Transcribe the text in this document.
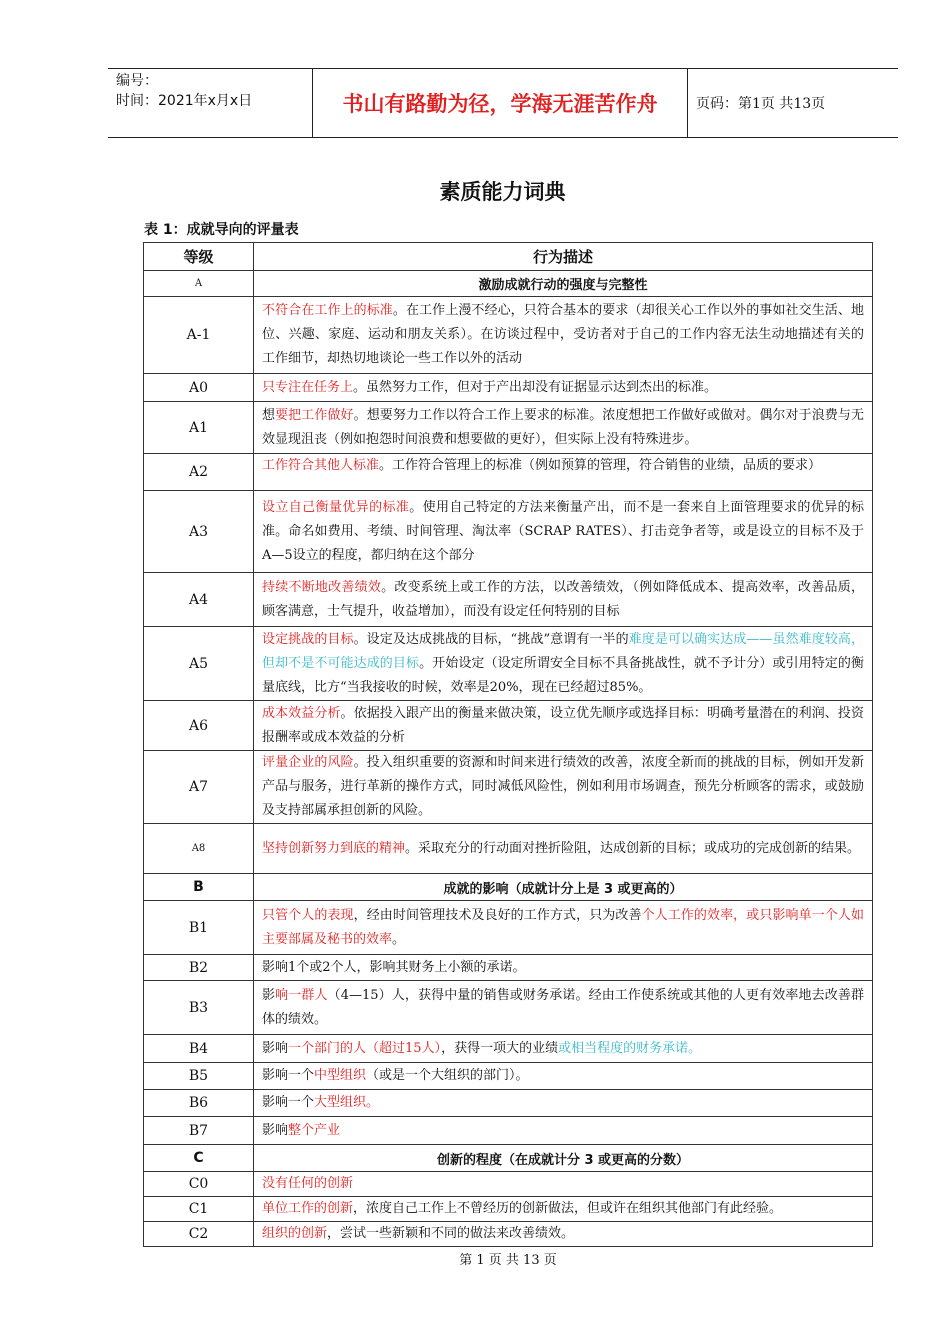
编号：
时间：2021年x月x日	书山有路勤为径，学海无涯苦作舟	页码：第1页 共13页
素质能力词典
表 1：成就导向的评量表
等级	行为描述
A	激励成就行动的强度与完整性
A-1	不符合在工作上的标准。在工作上漫不经心，只符合基本的要求（却很关心工作以外的事如社交生活、地位、兴趣、家庭、运动和朋友关系）。在访谈过程中，受访者对于自己的工作内容无法生动地描述有关的工作细节，却热切地谈论一些工作以外的活动
A0	只专注在任务上。虽然努力工作，但对于产出却没有证据显示达到杰出的标准。
A1	想要把工作做好。想要努力工作以符合工作上要求的标准。浓度想把工作做好或做对。偶尔对于浪费与无效显现沮丧（例如抱怨时间浪费和想要做的更好），但实际上没有特殊进步。
A2	工作符合其他人标准。工作符合管理上的标准（例如预算的管理，符合销售的业绩，品质的要求）

A3	设立自己衡量优异的标准。使用自己特定的方法来衡量产出，而不是一套来自上面管理要求的优异的标准。命名如费用、考绩、时间管理、淘汰率（SCRAP RATES）、打击竞争者等，或是设立的目标不及于A—5设立的程度，都归纳在这个部分
A4	持续不断地改善绩效。改变系统上或工作的方法，以改善绩效，（例如降低成本、提高效率，改善品质，顾客满意，士气提升，收益增加），而没有设定任何特别的目标
A5	设定挑战的目标。设定及达成挑战的目标，“挑战”意谓有一半的难度是可以确实达成——虽然难度较高，但却不是不可能达成的目标。开始设定（设定所谓安全目标不具备挑战性，就不予计分）或引用特定的衡量底线，比方“当我接收的时候，效率是20%，现在已经超过85%。
A6	成本效益分析。依据投入跟产出的衡量来做决策，设立优先顺序或选择目标：明确考量潜在的利润、投资报酬率或成本效益的分析
A7	评量企业的风险。投入组织重要的资源和时间来进行绩效的改善，浓度全新而的挑战的目标，例如开发新产品与服务，进行革新的操作方式，同时减低风险性，例如利用市场调查，预先分析顾客的需求，或鼓励及支持部属承担创新的风险。
A8	坚持创新努力到底的精神。采取充分的行动面对挫折险阻，达成创新的目标；或成功的完成创新的结果。
B	成就的影响（成就计分上是 3 或更高的）
B1	只管个人的表现，经由时间管理技术及良好的工作方式，只为改善个人工作的效率，或只影响单一个人如主要部属及秘书的效率。
B2	影响1个或2个人，影响其财务上小额的承诺。
B3	影响一群人（4—15）人，获得中量的销售或财务承诺。经由工作使系统或其他的人更有效率地去改善群体的绩效。
B4	影响一个部门的人（超过15人），获得一项大的业绩或相当程度的财务承诺。
B5	影响一个中型组织（或是一个大组织的部门）。
B6	影响一个大型组织。
B7	影响整个产业
C	创新的程度（在成就计分 3 或更高的分数）
C0	没有任何的创新
C1	单位工作的创新，浓度自己工作上不曾经历的创新做法，但或许在组织其他部门有此经验。
C2	组织的创新，尝试一些新颖和不同的做法来改善绩效。
第 1 页 共 13 页
